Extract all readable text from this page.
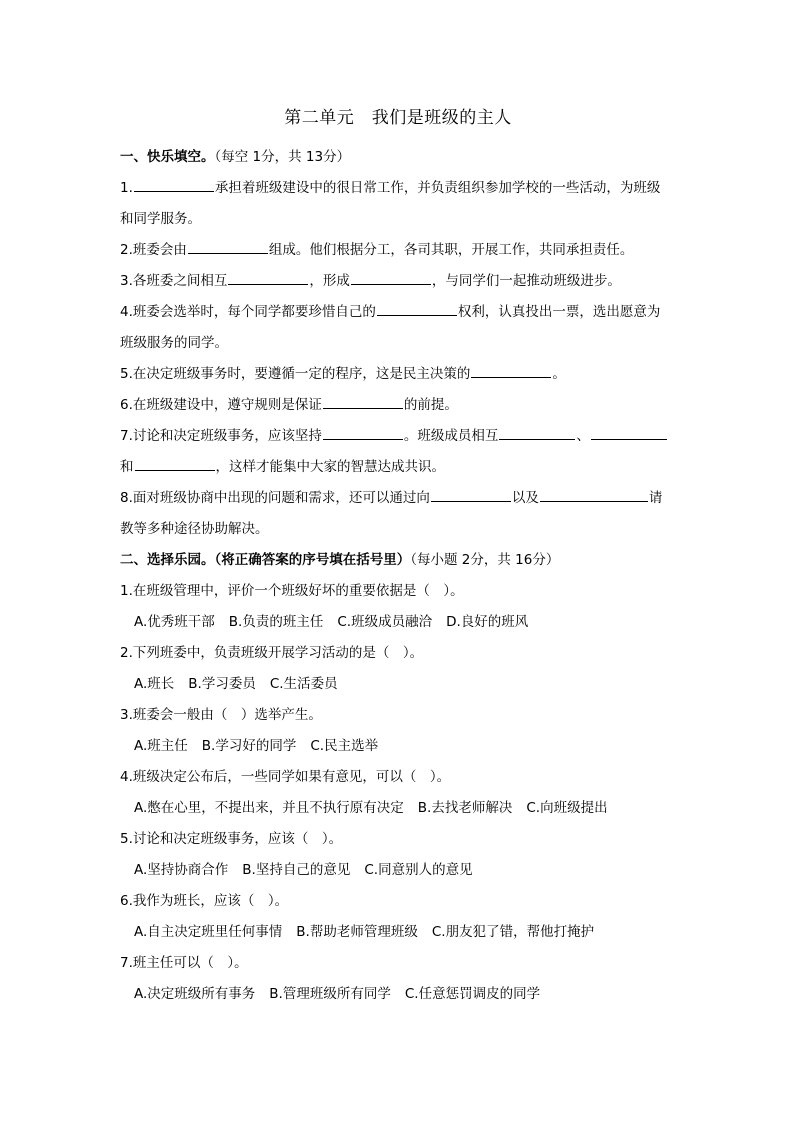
第二单元　我们是班级的主人
一、快乐填空。（每空 1分，共 13分）
1.	承担着班级建设中的很日常工作，并负责组织参加学校的一些活动，为班级
和同学服务。
2.班委会由	组成。他们根据分工，各司其职，开展工作，共同承担责任。
3.各班委之间相互	，形成	，与同学们一起推动班级进步。
4.班委会选举时，每个同学都要珍惜自己的	权利，认真投出一票，选出愿意为
班级服务的同学。
5.在决定班级事务时，要遵循一定的程序，这是民主决策的	。
6.在班级建设中，遵守规则是保证	的前提。
7.讨论和决定班级事务，应该坚持	。班级成员相互	、
和	，这样才能集中大家的智慧达成共识。
8.面对班级协商中出现的问题和需求，还可以通过向	以及	请
教等多种途径协助解决。
二、选择乐园。（将正确答案的序号填在括号里）（每小题 2分，共 16分）
1.在班级管理中，评价一个班级好坏的重要依据是（　）。
A.优秀班干部 B.负责的班主任 C.班级成员融洽 D.良好的班风
2.下列班委中，负责班级开展学习活动的是（　）。
A.班长 B.学习委员 C.生活委员
3.班委会一般由（　）选举产生。
A.班主任 B.学习好的同学 C.民主选举
4.班级决定公布后，一些同学如果有意见，可以（　）。
A.憋在心里，不提出来，并且不执行原有决定 B.去找老师解决 C.向班级提出
5.讨论和决定班级事务，应该（　）。
A.坚持协商合作 B.坚持自己的意见 C.同意别人的意见
6.我作为班长，应该（　）。
A.自主决定班里任何事情 B.帮助老师管理班级 C.朋友犯了错，帮他打掩护
7.班主任可以（　）。
A.决定班级所有事务 B.管理班级所有同学 C.任意惩罚调皮的同学
